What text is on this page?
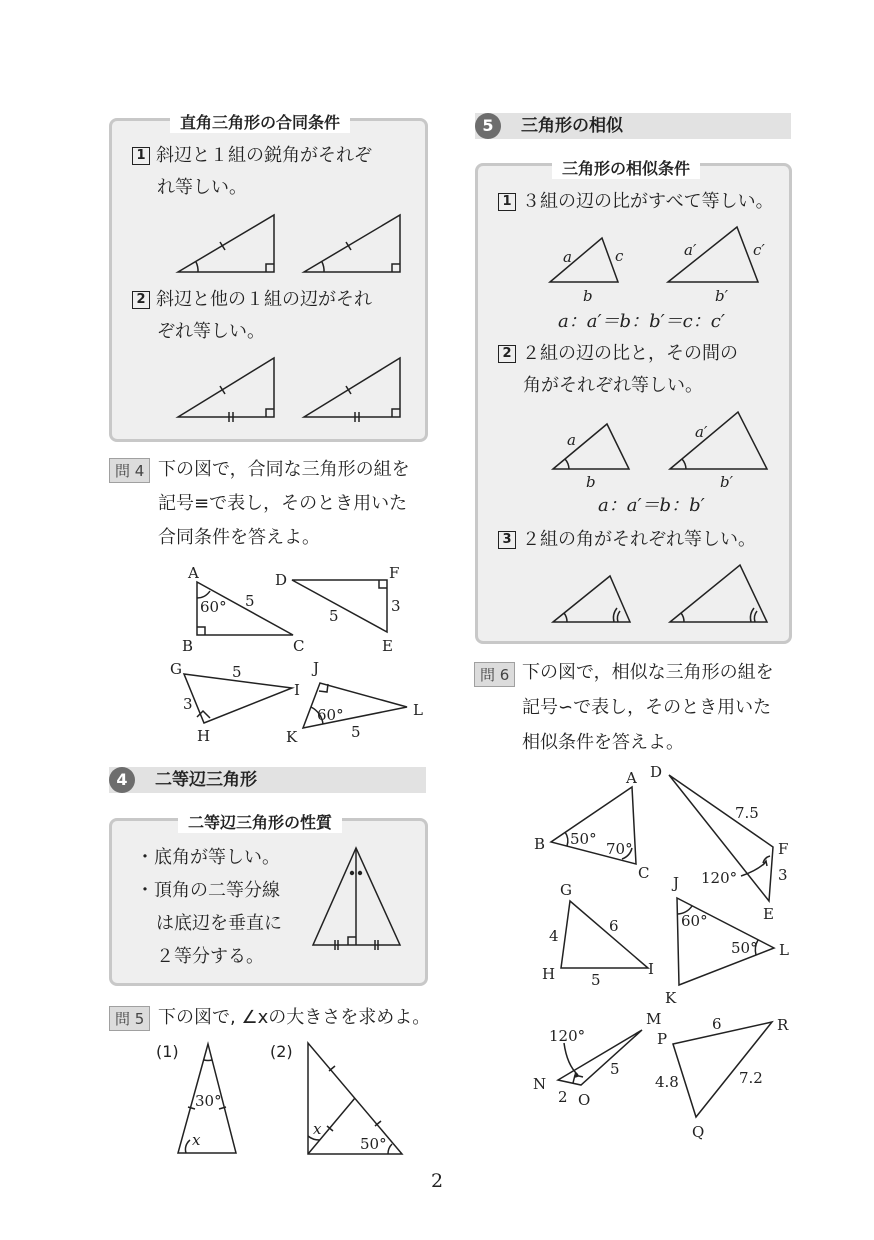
直角三角形の合同条件
1 斜辺と１組の鋭角がそれぞ
れ等しい。
2 斜辺と他の１組の辺がそれ
ぞれ等しい。
問 4 下の図で，合同な三角形の組を
記号≡で表し，そのとき用いた
合同条件を答えよ。
A
B	C
60° 5
D
E
F
5
3
G
H
I
5
3
J
K
L
60°
5
4	二等辺三角形
二等辺三角形の性質
・底角が等しい。
・頂角の二等分線
は底辺を垂直に
２等分する。
問 5 下の図で, ∠xの大きさを求めよ。
(1)	(2)
30°
x
x
50°
5	三角形の相似
三角形の相似条件
1 ３組の辺の比がすべて等しい。
a	c
b
a′	c′
b′
a：a′＝b：b′＝c：c′
2 ２組の辺の比と，その間の
角がそれぞれ等しい。
a
b
a′
b′
a：a′＝b：b′
3 ２組の角がそれぞれ等しい。
問 6 下の図で，相似な三角形の組を
記号∽で表し，そのとき用いた
相似条件を答えよ。
A
B
C
50°
70°
D
E
F
7.5
3
120°
G
H	I
4
6
5
J
K
L
60°
50°
M
N
O
120°
2
5
P
Q
R
6
4.8	7.2
2
